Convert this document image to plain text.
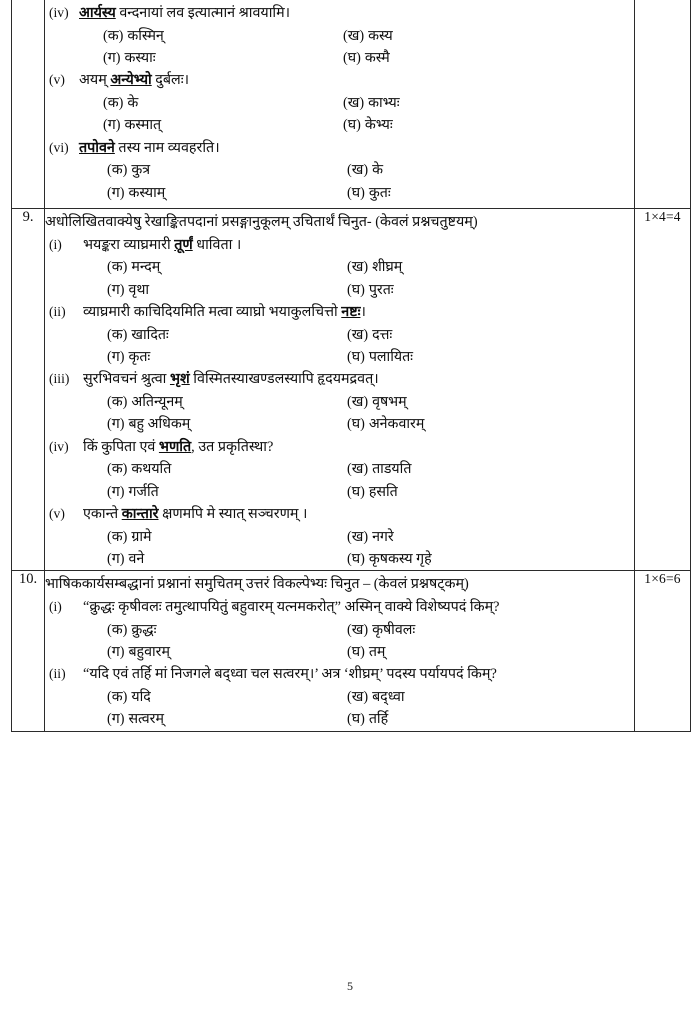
(iv) आर्यस्य वन्दनायां लव इत्यात्मानं श्रावयामि।
(क) कस्मिन्	(ख) कस्य
(ग) कस्याः	(घ) कस्मै
(v) अयम् अन्येभ्यो दुर्बलः।
(क) के	(ख) काभ्यः
(ग) कस्मात्	(घ) केभ्यः
(vi) तपोवने तस्य नाम व्यवहरति।
(क) कुत्र	(ख) के
(ग) कस्याम्	(घ) कुतः

9.	अधोलिखितवाक्येषु रेखाङ्कितपदानां प्रसङ्गानुकूलम् उचितार्थं चिनुत- (केवलं प्रश्नचतुष्टयम्)
(i)	भयङ्करा व्याघ्रमारी तूर्णं धाविता ।
(क) मन्दम्	(ख) शीघ्रम्
(ग) वृथा	(घ) पुरतः
(ii)	व्याघ्रमारी काचिदियमिति मत्वा व्याघ्रो भयाकुलचित्तो नष्टः।
(क) खादितः	(ख) दत्तः
(ग) कृतः	(घ) पलायितः
(iii) सुरभिवचनं श्रुत्वा भृशं विस्मितस्याखण्डलस्यापि हृदयमद्रवत्।
(क) अतिन्यूनम्	(ख) वृषभम्
(ग) बहु अधिकम्	(घ) अनेकवारम्
(iv)	किं कुपिता एवं भणति, उत प्रकृतिस्था?
(क) कथयति	(ख) ताडयति
(ग) गर्जति	(घ) हसति
(v)	एकान्ते कान्तारे क्षणमपि मे स्यात् सञ्चरणम् ।
(क) ग्रामे	(ख) नगरे
(ग) वने	(घ) कृषकस्य गृहे
	1×4=4
10.	भाषिककार्यसम्बद्धानां प्रश्नानां समुचितम् उत्तरं विकल्पेभ्यः चिनुत – (केवलं प्रश्नषट्कम्)
(i)	“क्रुद्धः कृषीवलः तमुत्थापयितुं बहुवारम् यत्नमकरोत्” अस्मिन् वाक्ये विशेष्यपदं किम्?
(क) क्रुद्धः	(ख) कृषीवलः
(ग) बहुवारम्	(घ) तम्
(ii)	“यदि एवं तर्हि मां निजगले बद्ध्वा चल सत्वरम्।’ अत्र ‘शीघ्रम्’ पदस्य पर्यायपदं किम्?
(क) यदि	(ख) बद्ध्वा
(ग) सत्वरम्	(घ) तर्हि
	1×6=6
5
